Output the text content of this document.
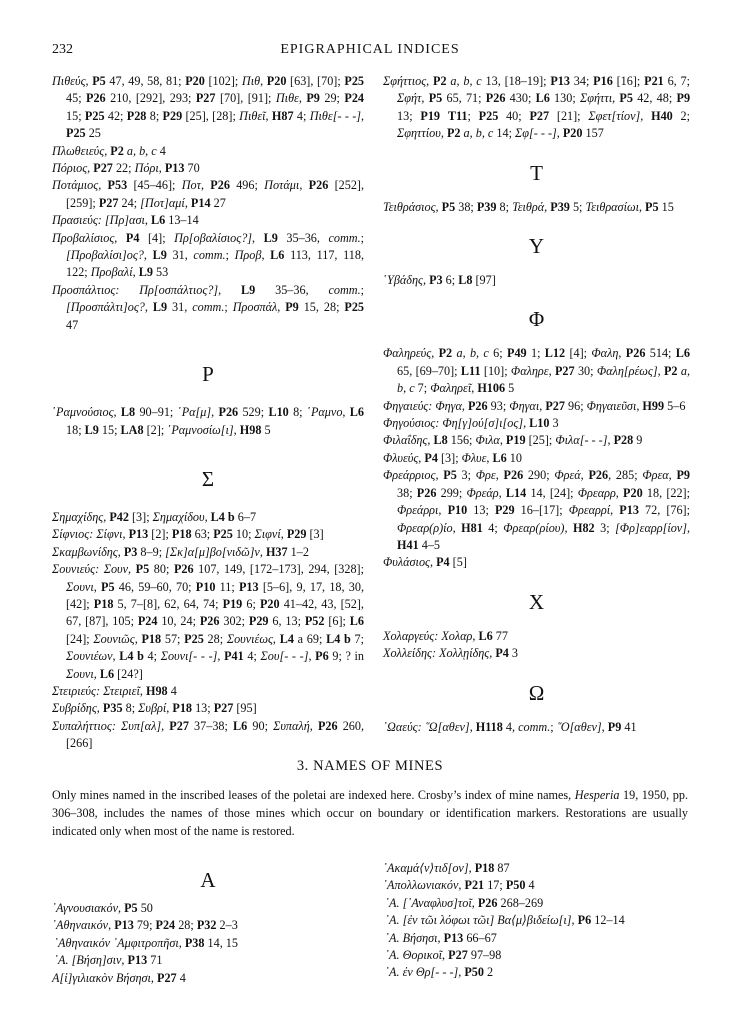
232	EPIGRAPHICAL INDICES
Πιθεύς, P5 47, 49, 58, 81; P20 [102]; Πιθ, P20 [63], [70]; P25 45; P26 210, [292], 293; P27 [70], [91]; Πιθε, P9 29; P24 15; P25 42; P28 8; P29 [25], [28]; Πιθεῖ, H87 4; Πιθε[- - -], P25 25
Πλωθειεύς, P2 a, b, c 4
Πόριος, P27 22; Πόρι, P13 70
Ποτάμιος, P53 [45–46]; Ποτ, P26 496; Ποτάμι, P26 [252], [259]; P27 24; [Ποτ]αμί, P14 27
Πρασιεύς: [Πρ]ασι, L6 13–14
Προβαλίσιος, P4 [4]; Πρ[οβαλίσιος?], L9 35–36, comm.; [Προβαλίσι]ος?, L9 31, comm.; Προβ, L6 113, 117, 118, 122; Προβαλί, L9 53
Προσπάλτιος: Πρ[οσπάλτιος?], L9 35–36, comm.; [Προσπάλτι]ος?, L9 31, comm.; Προσπάλ, P9 15, 28; P25 47
Ρ
῾Ραμνούσιος, L8 90–91; ῾Ρα[μ], P26 529; L10 8; ῾Ραμνο, L6 18; L9 15; LA8 [2]; ῾Ραμνοσίω[ι], H98 5
Σ
Σημαχίδης, P42 [3]; Σημαχίδου, L4 b 6–7
Σίφνιος: Σίφνι, P13 [2]; P18 63; P25 10; Σιφνί, P29 [3]
Σκαμβωνίδης, P3 8–9; [Σκ]α[μ]βο[νιδῶ]ν, H37 1–2
Σουνιεύς: Σουν, P5 80; P26 107, 149, [172–173], 294, [328]; Σουνι, P5 46, 59–60, 70; P10 11; P13 [5–6], 9, 17, 18, 30, [42]; P18 5, 7–[8], 62, 64, 74; P19 6; P20 41–42, 43, [52], 67, [87], 105; P24 10, 24; P26 302; P29 6, 13; P52 [6]; L6 [24]; Σουνιῶς, P18 57; P25 28; Σουνιέως, L4 a 69; L4 b 7; Σουνιέων, L4 b 4; Σουνι[- - -], P41 4; Σου[- - -], P6 9; ? in Σουνι, L6 [24?]
Στειριεύς: Στειριεῖ, H98 4
Συβρίδης, P35 8; Συβρί, P18 13; P27 [95]
Συπαλήττιος: Συπ[αλ], P27 37–38; L6 90; Συπαλή, P26 260, [266]
Σφήττιος, P2 a, b, c 13, [18–19]; P13 34; P16 [16]; P21 6, 7; Σφήτ, P5 65, 71; P26 430; L6 130; Σφήττι, P5 42, 48; P9 13; P19 T11; P25 40; P27 [21]; Σφετ[τίον], H40 2; Σφηττίου, P2 a, b, c 14; Σφ[- - -], P20 157
Τ
Τειθράσιος, P5 38; P39 8; Τειθρά, P39 5; Τειθρασίωι, P5 15
Υ
῾Υβάδης, P3 6; L8 [97]
Φ
Φαληρεύς, P2 a, b, c 6; P49 1; L12 [4]; Φαλη, P26 514; L6 65, [69–70]; L11 [10]; Φαληρε, P27 30; Φαλη[ρέως], P2 a, b, c 7; Φαληρεῖ, H106 5
Φηγαιεύς: Φηγα, P26 93; Φηγαι, P27 96; Φηγαιεῦσι, H99 5–6
Φηγούσιος: Φη[γ]ού[σ]ι[ος], L10 3
Φιλαΐδης, L8 156; Φιλα, P19 [25]; Φιλα[- - -], P28 9
Φλυεύς, P4 [3]; Φλυε, L6 10
Φρεάρριος, P5 3; Φρε, P26 290; Φρεά, P26, 285; Φρεα, P9 38; P26 299; Φρεάρ, L14 14, [24]; Φρεαρρ, P20 18, [22]; Φρεάρρι, P10 13; P29 16–[17]; Φρεαρρί, P13 72, [76]; Φρεαρ(ρ)ίο, H81 4; Φρεαρ(ρίου), H82 3; [Φρ]εαρρ[ίον], H41 4–5
Φυλάσιος, P4 [5]
Χ
Χολαργεύς: Χολαρ, L6 77
Χολλείδης: Χολλῃίδης, P4 3
Ω
᾿Ωαεύς: ῞Ω[αθεν], H118 4, comm.; ῞Ο[αθεν], P9 41
3. NAMES OF MINES
Only mines named in the inscribed leases of the poletai are indexed here. Crosby’s index of mine names, Hesperia 19, 1950, pp. 306–308, includes the names of those mines which occur on boundary or identification markers. Restorations are usually indicated only when most of the name is restored.
Α
᾿Αγνουσιακόν, P5 50
᾿Αθηναικόν, P13 79; P24 28; P32 2–3
᾿Αθηναικόν ᾿Αμφιτροπῆσι, P38 14, 15
᾿Α. [Βήση]σιν, P13 71
Α[ἰ]γιλιακὸν Βήσησι, P27 4
᾿Ακαμά⟨ν⟩τιδ[ον], P18 87
᾿Απολλωνιακόν, P21 17; P50 4
᾿Α. [᾿Αναφλυσ]τοῖ, P26 268–269
᾿Α. [ἐν τῶι λόφωι τῶι] Βα⟨μ⟩βιδείω[ι], P6 12–14
᾿Α. Βήσησι, P13 66–67
᾿Α. Θορικοῖ, P27 97–98
᾿Α. ἐν Θρ[- - -], P50 2
